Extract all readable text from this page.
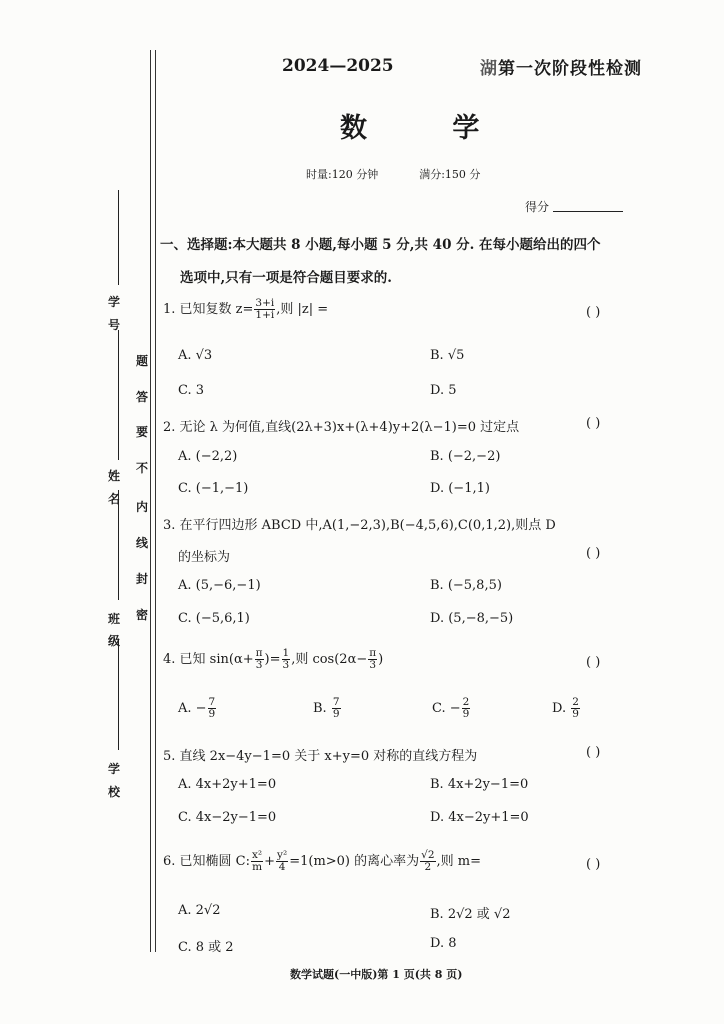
学
号
姓
名
班
级
学
校
题
答
要
不
内
线
封
密
2024—2025	湖第一次阶段性检测
数 学
时量:120 分钟	满分:150 分
得分
一、选择题:本大题共 8 小题,每小题 5 分,共 40 分. 在每小题给出的四个
选项中,只有一项是符合题目要求的.
1. 已知复数 $z= \frac{3+i}{1+i}$ ,则 |z| =	( )
A. √3	B. √5
C. 3	D. 5
2. 无论 λ 为何值,直线(2λ+3)x+(λ+4)y+2(λ−1)=0 过定点	( )
A. (−2,2)	B. (−2,−2)
C. (−1,−1)	D. (−1,1)
3. 在平行四边形 ABCD 中,A(1,−2,3),B(−4,5,6),C(0,1,2),则点 D
的坐标为	( )
A. (5,−6,−1)	B. (−5,8,5)
C. (−5,6,1)	D. (5,−8,−5)
4. 已知 $\sin(\alpha+ \frac{\pi}{3}$ )= $\frac{1}{3}$ ,则 $\cos(2\alpha- \frac{\pi}{3}$ )	( )
A. − $\frac{7}{9}$	B. $\frac{7}{9}$	C. − $\frac{2}{9}$	D. $\frac{2}{9}$
5. 直线 2x−4y−1=0 关于 x+y=0 对称的直线方程为	( )
A. 4x+2y+1=0	B. 4x+2y−1=0
C. 4x−2y−1=0	D. 4x−2y+1=0
6. 已知椭圆 C: $\frac{\text{x²}}{m} + \frac{\text{y²}}{4} =1(m>0)$ 的离心率为 $\frac{√2}{2}$ ,则 m=	( )
A. 2√2	B. 2√2 或 √2
C. 8 或 2	D. 8
数学试题(一中版)第 1 页(共 8 页)
